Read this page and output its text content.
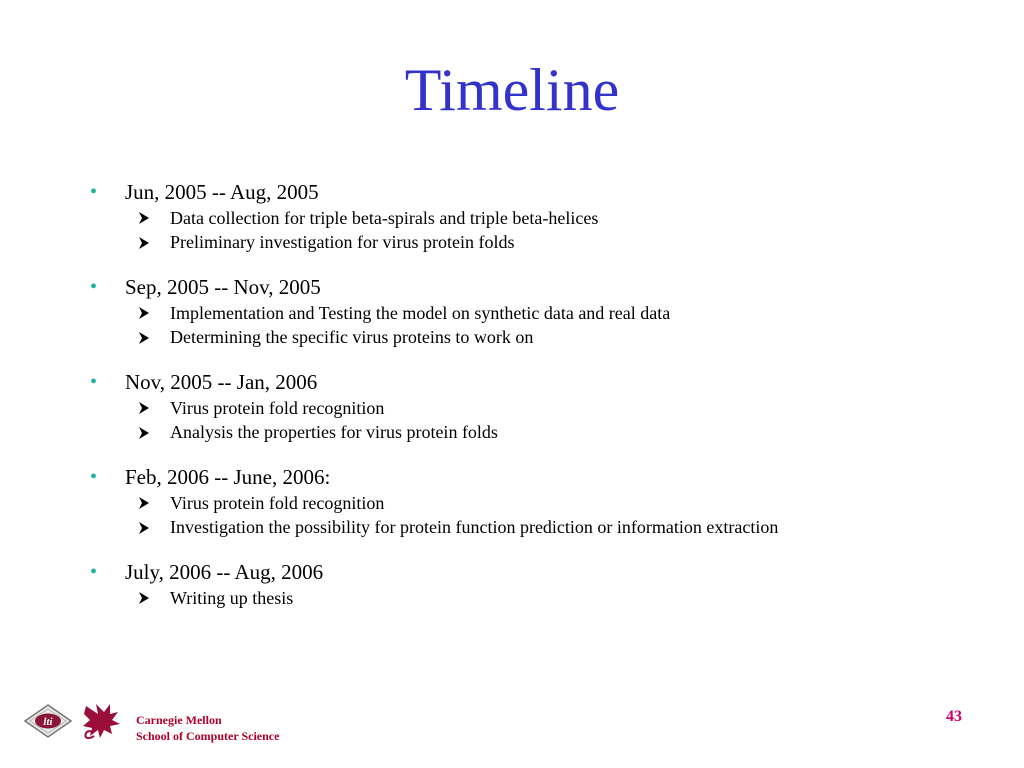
Timeline
•	Jun, 2005 -- Aug, 2005
Data collection for triple beta-spirals and triple beta-helices
Preliminary investigation for virus protein folds
•	Sep, 2005 -- Nov, 2005
Implementation and Testing the model on synthetic data and real data
Determining the specific virus proteins to work on
•	Nov, 2005 -- Jan, 2006
Virus protein fold recognition
Analysis the properties for virus protein folds
•	Feb, 2006 -- June, 2006:
Virus protein fold recognition
Investigation the possibility for protein function prediction or information extraction
•	July, 2006 -- Aug, 2006
Writing up thesis
lti	Carnegie Mellon
School of Computer Science
43
